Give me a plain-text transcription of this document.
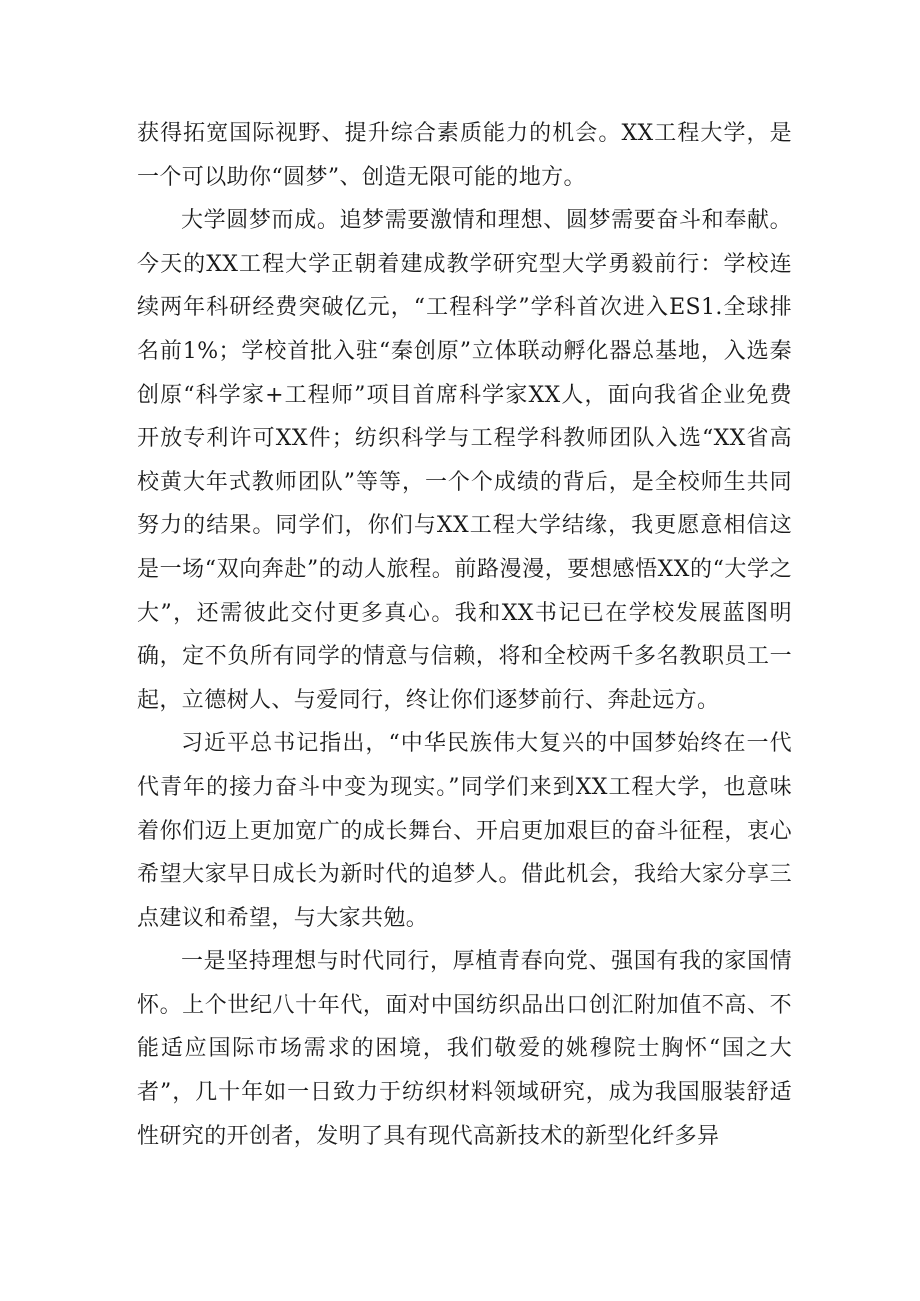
获得拓宽国际视野、提升综合素质能力的机会。XX工程大学，是一个可以助你“圆梦”、创造无限可能的地方。

大学圆梦而成。追梦需要激情和理想、圆梦需要奋斗和奉献。今天的XX工程大学正朝着建成教学研究型大学勇毅前行：学校连续两年科研经费突破亿元，“工程科学”学科首次进入ES1.全球排名前1%；学校首批入驻“秦创原”立体联动孵化器总基地，入选秦创原“科学家+工程师”项目首席科学家XX人，面向我省企业免费开放专利许可XX件；纺织科学与工程学科教师团队入选“XX省高校黄大年式教师团队”等等，一个个成绩的背后，是全校师生共同努力的结果。同学们，你们与XX工程大学结缘，我更愿意相信这是一场“双向奔赴”的动人旅程。前路漫漫，要想感悟XX的“大学之大”，还需彼此交付更多真心。我和XX书记已在学校发展蓝图明确，定不负所有同学的情意与信赖，将和全校两千多名教职员工一起，立德树人、与爱同行，终让你们逐梦前行、奔赴远方。

习近平总书记指出，“中华民族伟大复兴的中国梦始终在一代代青年的接力奋斗中变为现实。”同学们来到XX工程大学，也意味着你们迈上更加宽广的成长舞台、开启更加艰巨的奋斗征程，衷心希望大家早日成长为新时代的追梦人。借此机会，我给大家分享三点建议和希望，与大家共勉。

一是坚持理想与时代同行，厚植青春向党、强国有我的家国情怀。上个世纪八十年代，面对中国纺织品出口创汇附加值不高、不能适应国际市场需求的困境，我们敬爱的姚穆院士胸怀“国之大者”，几十年如一日致力于纺织材料领域研究，成为我国服装舒适性研究的开创者，发明了具有现代高新技术的新型化纤多异
